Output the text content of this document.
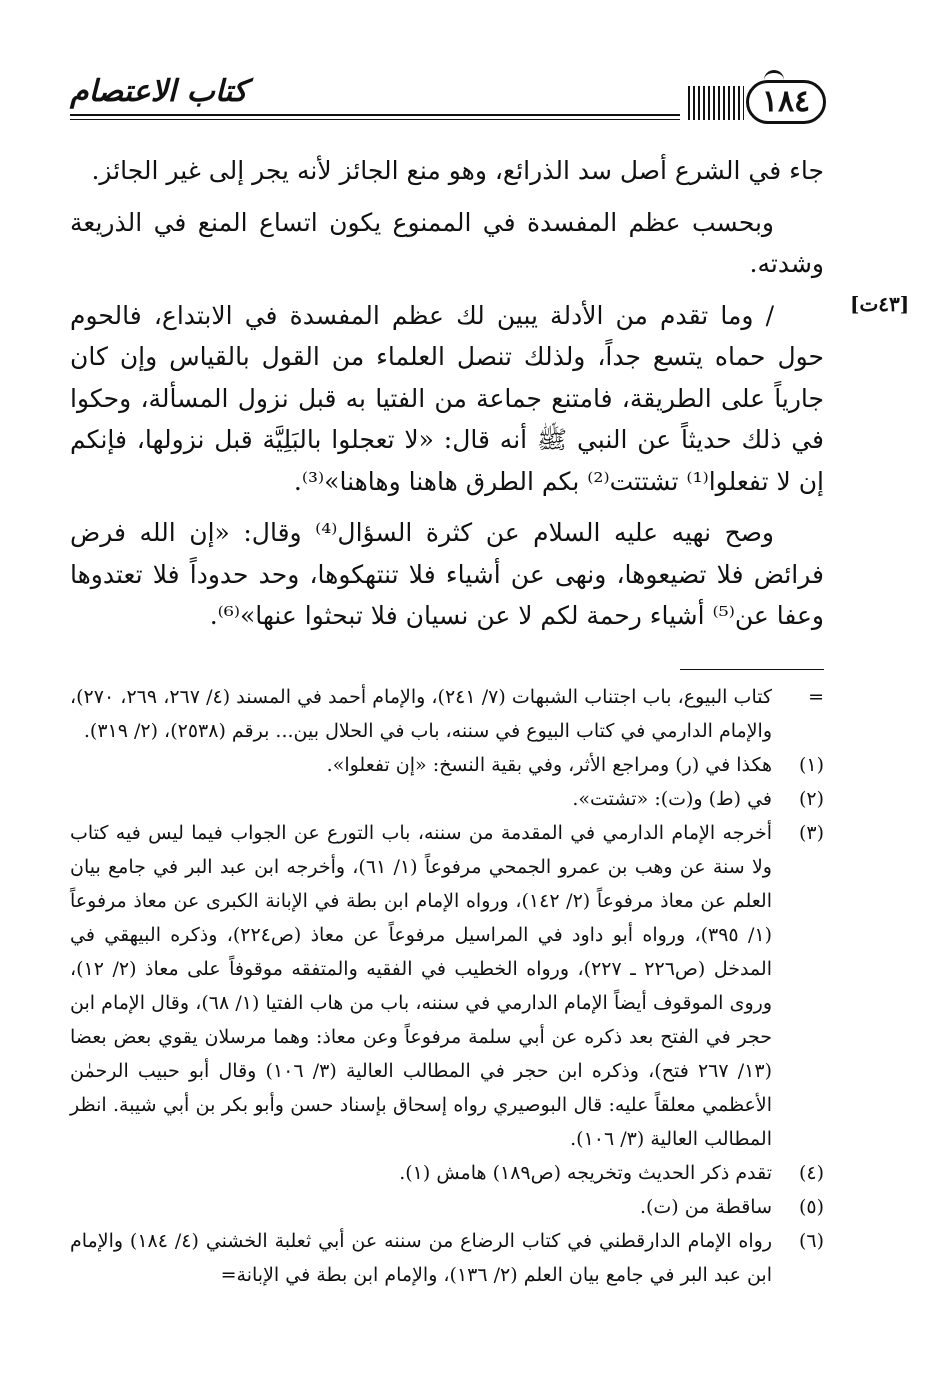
كتاب الاعتصام	١٨٤
[٤٣ت]

جاء في الشرع أصل سد الذرائع، وهو منع الجائز لأنه يجر إلى غير الجائز.

وبحسب عظم المفسدة في الممنوع يكون اتساع المنع في الذريعة وشدته.

/ وما تقدم من الأدلة يبين لك عظم المفسدة في الابتداع، فالحوم حول حماه يتسع جداً، ولذلك تنصل العلماء من القول بالقياس وإن كان جارياً على الطريقة، فامتنع جماعة من الفتيا به قبل نزول المسألة، وحكوا في ذلك حديثاً عن النبي ﷺ أنه قال: «لا تعجلوا بالبَلِيَّة قبل نزولها، فإنكم إن لا تفعلوا⁽¹⁾ تشتتت⁽²⁾ بكم الطرق هاهنا وهاهنا»⁽³⁾.

وصح نهيه عليه السلام عن كثرة السؤال⁽⁴⁾ وقال: «إن الله فرض فرائض فلا تضيعوها، ونهى عن أشياء فلا تنتهكوها، وحد حدوداً فلا تعتدوها وعفا عن⁽⁵⁾ أشياء رحمة لكم لا عن نسيان فلا تبحثوا عنها»⁽⁶⁾.

=
كتاب البيوع، باب اجتناب الشبهات (٧/ ٢٤١)، والإمام أحمد في المسند (٤/ ٢٦٧، ٢٦٩، ٢٧٠)، والإمام الدارمي في كتاب البيوع في سننه، باب في الحلال بين... برقم (٢٥٣٨)، (٢/ ٣١٩).
(١)
هكذا في (ر) ومراجع الأثر، وفي بقية النسخ: «إن تفعلوا».
(٢)
في (ط) و(ت): «تشتت».
(٣)
أخرجه الإمام الدارمي في المقدمة من سننه، باب التورع عن الجواب فيما ليس فيه كتاب ولا سنة عن وهب بن عمرو الجمحي مرفوعاً (١/ ٦١)، وأخرجه ابن عبد البر في جامع بيان العلم عن معاذ مرفوعاً (٢/ ١٤٢)، ورواه الإمام ابن بطة في الإبانة الكبرى عن معاذ مرفوعاً (١/ ٣٩٥)، ورواه أبو داود في المراسيل مرفوعاً عن معاذ (ص٢٢٤)، وذكره البيهقي في المدخل (ص٢٢٦ ـ ٢٢٧)، ورواه الخطيب في الفقيه والمتفقه موقوفاً على معاذ (٢/ ١٢)، وروى الموقوف أيضاً الإمام الدارمي في سننه، باب من هاب الفتيا (١/ ٦٨)، وقال الإمام ابن حجر في الفتح بعد ذكره عن أبي سلمة مرفوعاً وعن معاذ: وهما مرسلان يقوي بعض بعضا (١٣/ ٢٦٧ فتح)، وذكره ابن حجر في المطالب العالية (٣/ ١٠٦) وقال أبو حبيب الرحمٰن الأعظمي معلقاً عليه: قال البوصيري رواه إسحاق بإسناد حسن وأبو بكر بن أبي شيبة. انظر المطالب العالية (٣/ ١٠٦).
(٤)
تقدم ذكر الحديث وتخريجه (ص١٨٩) هامش (١).
(٥)
ساقطة من (ت).
(٦)
رواه الإمام الدارقطني في كتاب الرضاع من سننه عن أبي ثعلبة الخشني (٤/ ١٨٤) والإمام ابن عبد البر في جامع بيان العلم (٢/ ١٣٦)، والإمام ابن بطة في الإبانة=
